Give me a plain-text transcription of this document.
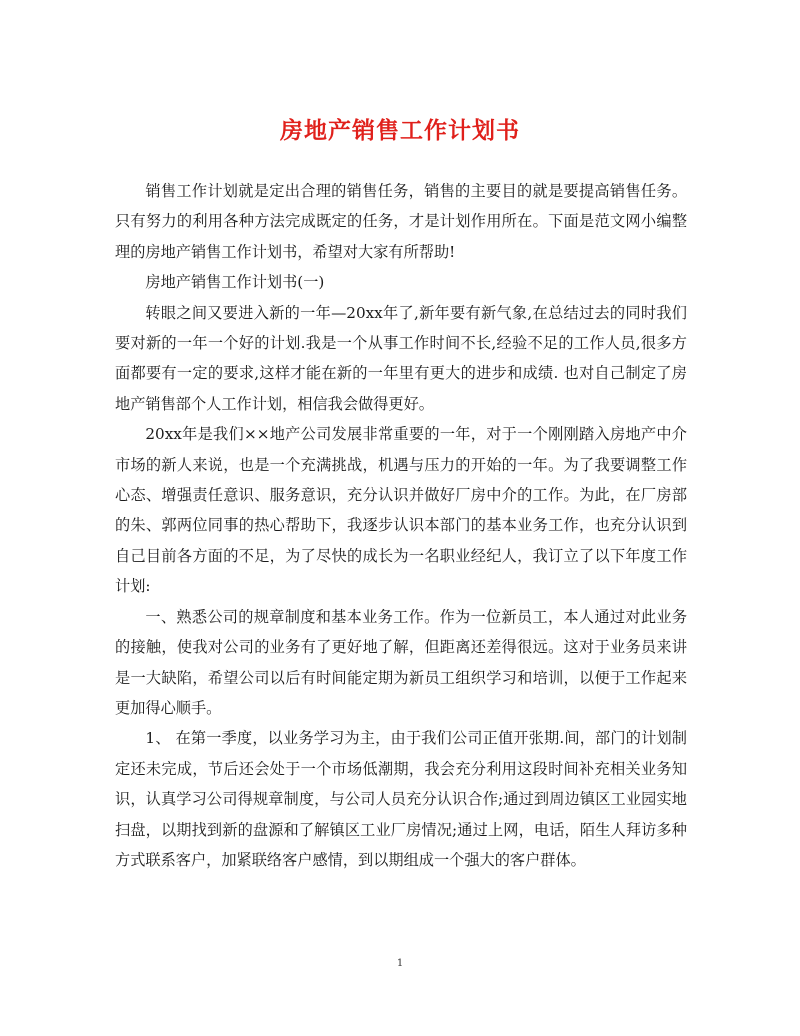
房地产销售工作计划书

销售工作计划就是定出合理的销售任务，销售的主要目的就是要提高销售任务。只有努力的利用各种方法完成既定的任务，才是计划作用所在。下面是范文网小编整理的房地产销售工作计划书，希望对大家有所帮助!

房地产销售工作计划书(一)

转眼之间又要进入新的一年—20xx年了,新年要有新气象,在总结过去的同时我们要对新的一年一个好的计划.我是一个从事工作时间不长,经验不足的工作人员,很多方面都要有一定的要求,这样才能在新的一年里有更大的进步和成绩. 也对自己制定了房地产销售部个人工作计划，相信我会做得更好。

20xx年是我们××地产公司发展非常重要的一年，对于一个刚刚踏入房地产中介市场的新人来说，也是一个充满挑战，机遇与压力的开始的一年。为了我要调整工作心态、增强责任意识、服务意识，充分认识并做好厂房中介的工作。为此，在厂房部的朱、郭两位同事的热心帮助下，我逐步认识本部门的基本业务工作，也充分认识到自己目前各方面的不足，为了尽快的成长为一名职业经纪人，我订立了以下年度工作计划:

一、熟悉公司的规章制度和基本业务工作。作为一位新员工，本人通过对此业务的接触，使我对公司的业务有了更好地了解，但距离还差得很远。这对于业务员来讲是一大缺陷，希望公司以后有时间能定期为新员工组织学习和培训，以便于工作起来更加得心顺手。

1、 在第一季度，以业务学习为主，由于我们公司正值开张期.间，部门的计划制定还未完成，节后还会处于一个市场低潮期，我会充分利用这段时间补充相关业务知识，认真学习公司得规章制度，与公司人员充分认识合作;通过到周边镇区工业园实地扫盘，以期找到新的盘源和了解镇区工业厂房情况;通过上网，电话，陌生人拜访多种方式联系客户，加紧联络客户感情，到以期组成一个强大的客户群体。

1
